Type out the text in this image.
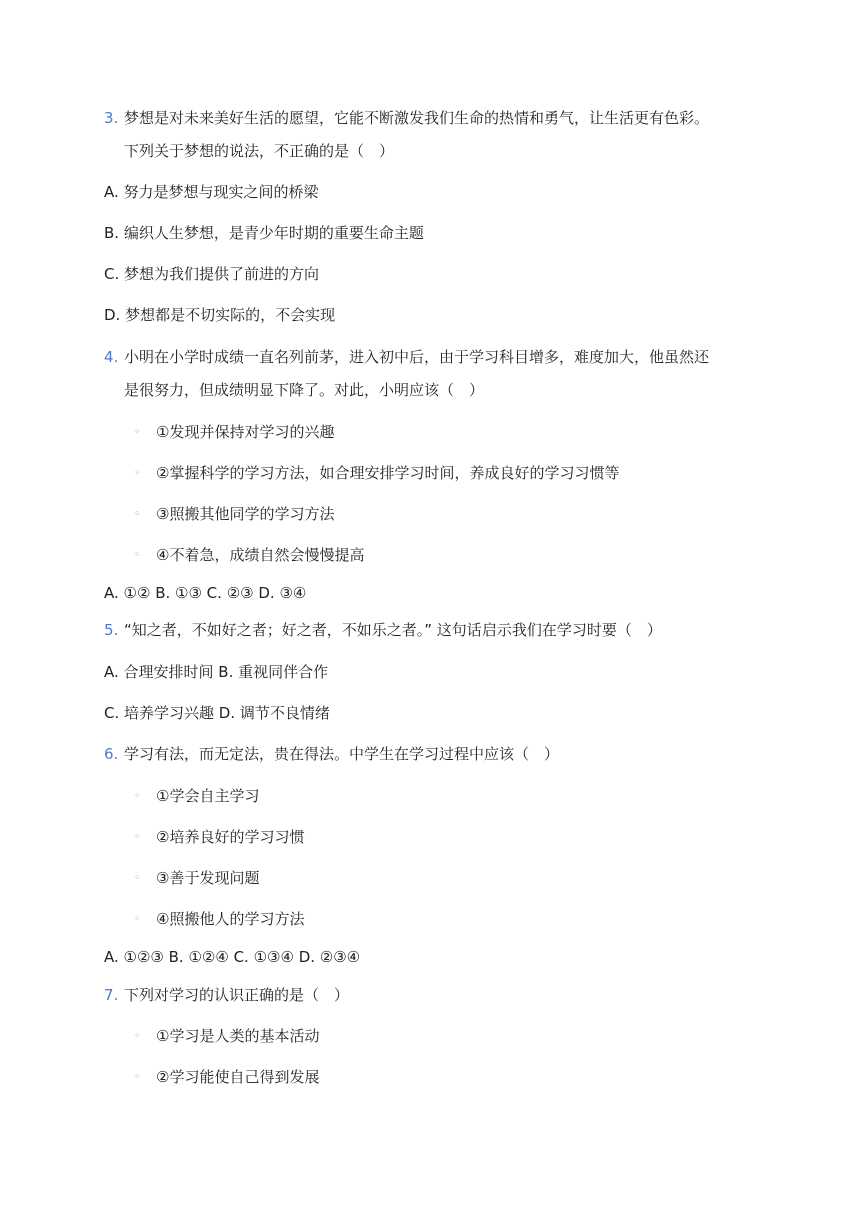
3. 梦想是对未来美好生活的愿望，它能不断激发我们生命的热情和勇气，让生活更有色彩。
下列关于梦想的说法，不正确的是（　）
A. 努力是梦想与现实之间的桥梁
B. 编织人生梦想，是青少年时期的重要生命主题
C. 梦想为我们提供了前进的方向
D. 梦想都是不切实际的，不会实现
4. 小明在小学时成绩一直名列前茅，进入初中后，由于学习科目增多，难度加大，他虽然还
是很努力，但成绩明显下降了。对此，小明应该（　）
◦ ①发现并保持对学习的兴趣
◦ ②掌握科学的学习方法，如合理安排学习时间，养成良好的学习习惯等
◦ ③照搬其他同学的学习方法
◦ ④不着急，成绩自然会慢慢提高
A. ①② B. ①③ C. ②③ D. ③④
5. “知之者，不如好之者；好之者，不如乐之者。” 这句话启示我们在学习时要（　）
A. 合理安排时间 B. 重视同伴合作
C. 培养学习兴趣 D. 调节不良情绪
6. 学习有法，而无定法，贵在得法。中学生在学习过程中应该（　）
◦ ①学会自主学习
◦ ②培养良好的学习习惯
◦ ③善于发现问题
◦ ④照搬他人的学习方法
A. ①②③ B. ①②④ C. ①③④ D. ②③④
7. 下列对学习的认识正确的是（　）
◦ ①学习是人类的基本活动
◦ ②学习能使自己得到发展
